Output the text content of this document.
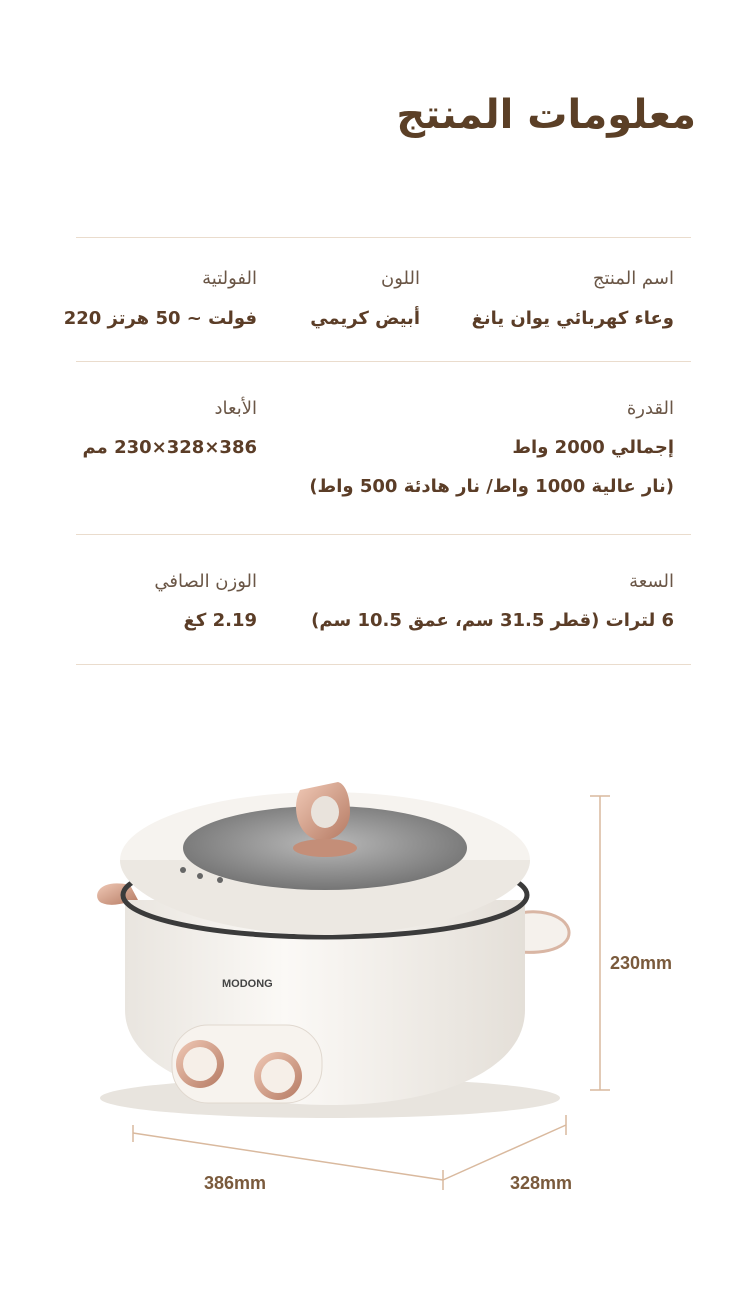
معلومات المنتج
اسم المنتج
وعاء كهربائي يوان يانغ
اللون
أبيض كريمي
الفولتية
فولت ~ 50 هرتز 220
القدرة
إجمالي 2000 واط
(نار عالية 1000 واط/ نار هادئة 500 واط)
الأبعاد
386×328×230 مم
السعة
6 لترات (قطر 31.5 سم، عمق 10.5 سم)
الوزن الصافي
2.19 كغ
MODONG
230mm
386mm	328mm
